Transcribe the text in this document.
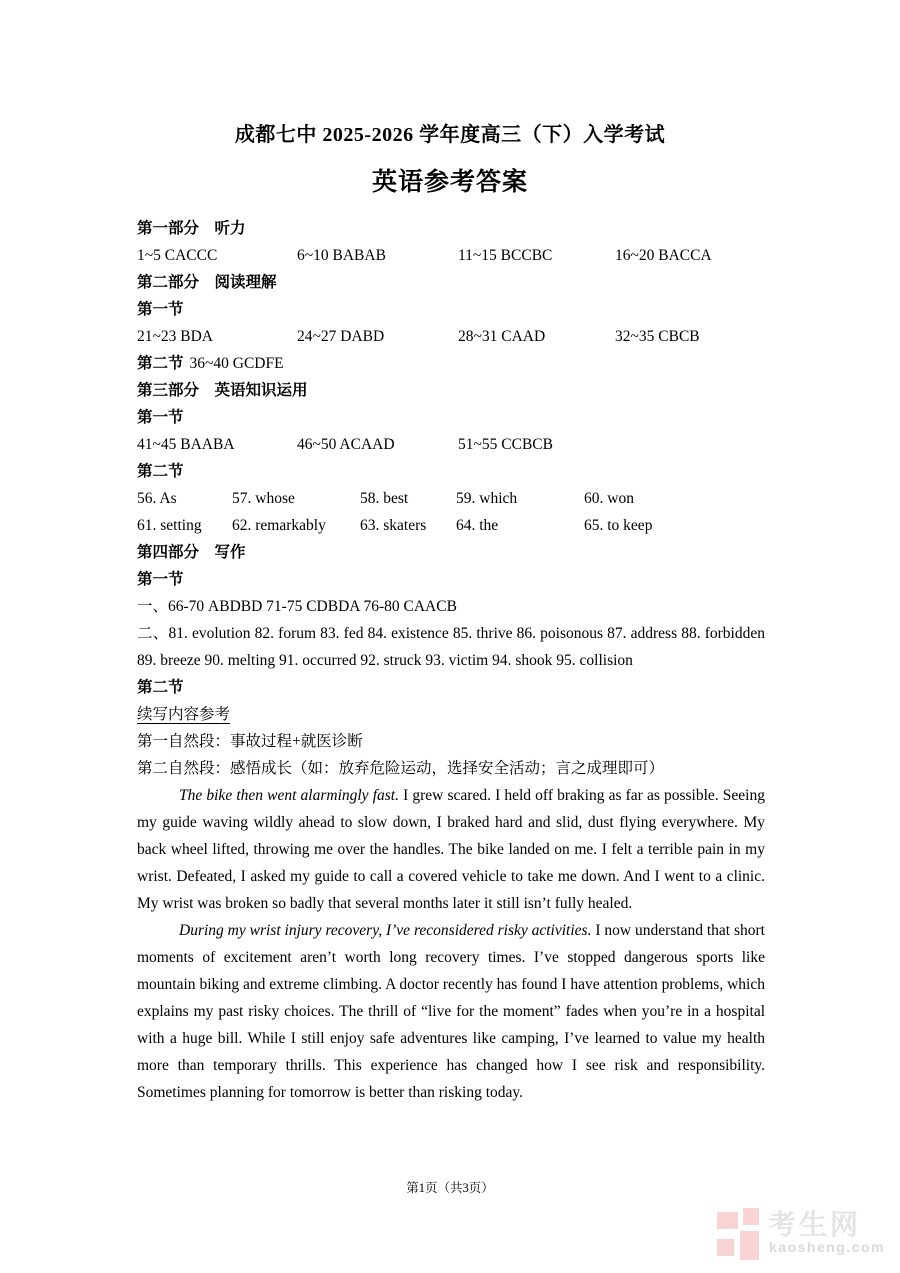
成都七中 2025-2026 学年度高三（下）入学考试
英语参考答案
第一部分　听力
1~5 CACCC	6~10 BABAB	11~15 BCCBC	16~20 BACCA
第二部分　阅读理解
第一节
21~23 BDA	24~27 DABD	28~31 CAAD	32~35 CBCB
第二节 36~40 GCDFE
第三部分　英语知识运用
第一节
41~45 BAABA	46~50 ACAAD	51~55 CCBCB
第二节
56. As	57. whose	58. best	59. which	60. won
61. setting	62. remarkably	63. skaters	64. the	65. to keep
第四部分　写作
第一节
一、66-70 ABDBD 71-75 CDBDA 76-80 CAACB
二、81. evolution 82. forum 83. fed 84. existence 85. thrive 86. poisonous 87. address 88. forbidden 89. breeze 90. melting 91. occurred 92. struck 93. victim 94. shook 95. collision
第二节
续写内容参考
第一自然段：事故过程+就医诊断
第二自然段：感悟成长（如：放弃危险运动，选择安全活动；言之成理即可）

The bike then went alarmingly fast. I grew scared. I held off braking as far as possible. Seeing my guide waving wildly ahead to slow down, I braked hard and slid, dust flying everywhere. My back wheel lifted, throwing me over the handles. The bike landed on me. I felt a terrible pain in my wrist. Defeated, I asked my guide to call a covered vehicle to take me down. And I went to a clinic. My wrist was broken so badly that several months later it still isn’t fully healed.

During my wrist injury recovery, I’ve reconsidered risky activities. I now understand that short moments of excitement aren’t worth long recovery times. I’ve stopped dangerous sports like mountain biking and extreme climbing. A doctor recently has found I have attention problems, which explains my past risky choices. The thrill of “live for the moment” fades when you’re in a hospital with a huge bill. While I still enjoy safe adventures like camping, I’ve learned to value my health more than temporary thrills. This experience has changed how I see risk and responsibility. Sometimes planning for tomorrow is better than risking today.

第1页（共3页）
考生网
kaosheng.com
